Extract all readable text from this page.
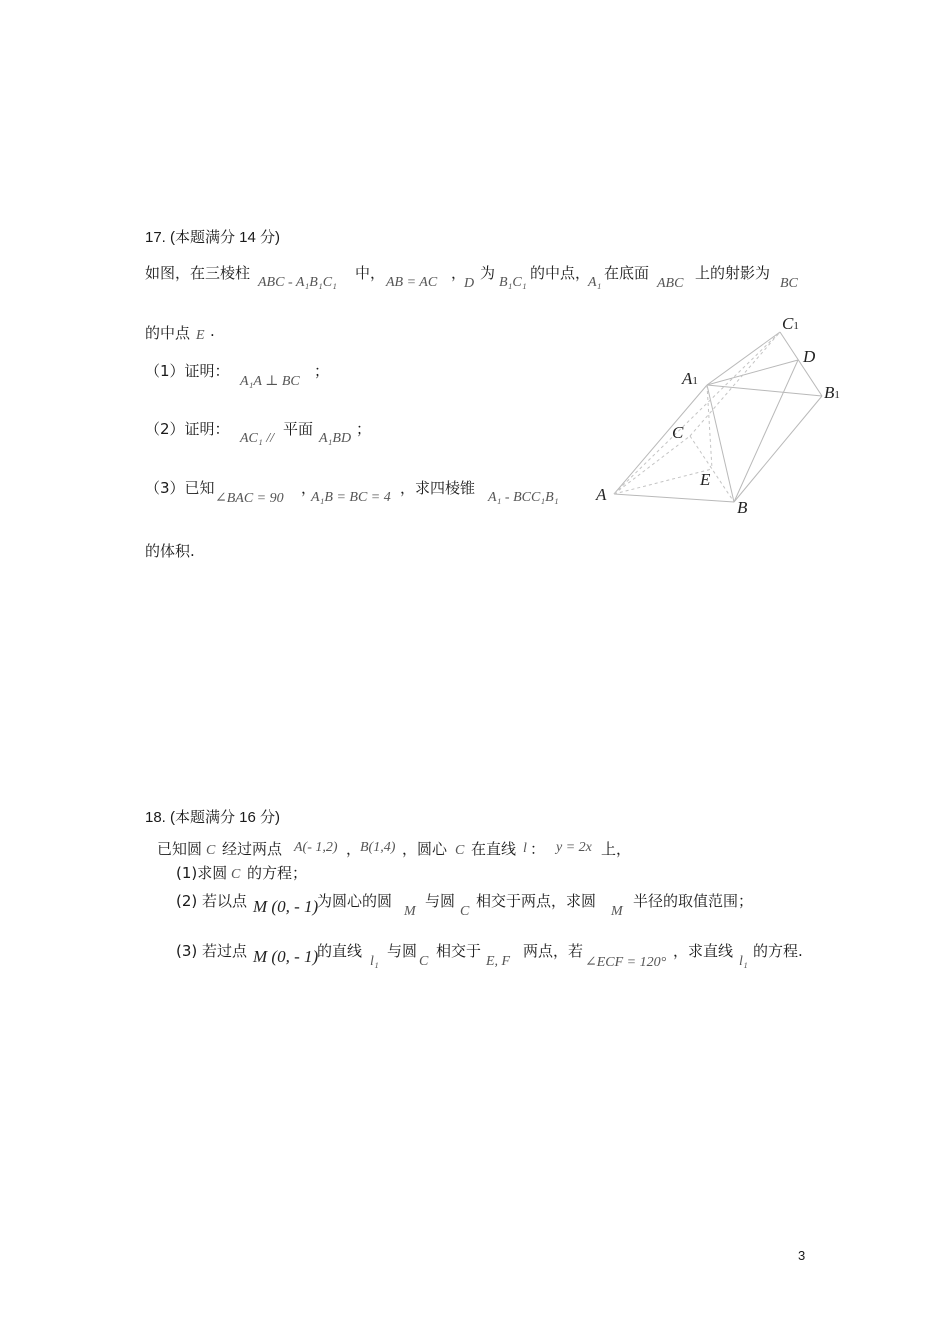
17. (本题满分 14 分)
如图，在三棱柱
ABC - A₁B₁C₁
中，
AB = AC
，
D
为
B₁C₁
的中点，
A₁
在底面
ABC
上的射影为
BC
的中点 E .
（1）证明：
A₁A ⊥ BC
；
（2）证明：
AC₁ //
平面
A₁BD
；
（3）已知
∠BAC = 90
，
A₁B = BC = 4
，求四棱锥
A₁ - BCC₁B₁
的体积.
C1
D
A1
B1
C
E
A
B
18. (本题满分 16 分)
已知圆 C 经过两点 A(- 1,2) ，
B(1,4) ，圆心 C 在直线 l ： y = 2x 上，
(1)求圆 C 的方程；
(2) 若以点 M (0, - 1)
为圆心的圆
M
与圆
C
相交于两点，求圆
M
半径的取值范围；
(3) 若过点 M (0, - 1)
的直线
l₁
与圆
C
相交于
E, F
两点，若
∠ECF = 120°
，求直线
l₁
的方程.
3
